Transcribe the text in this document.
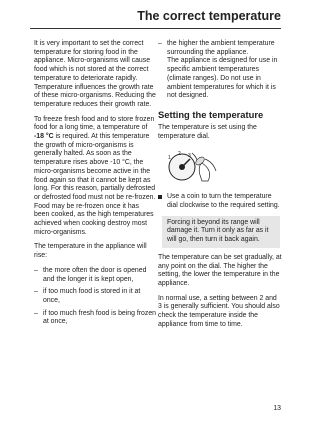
The correct temperature

It is very important to set the correct temperature for storing food in the appliance. Micro-organisms will cause food which is not stored at the correct temperature to deteriorate rapidly. Temperature influences the growth rate of these micro-organisms. Reducing the temperature reduces their growth rate.

To freeze fresh food and to store frozen food for a long time, a temperature of -18 °C is required. At this temperature the growth of micro-organisms is generally halted. As soon as the temperature rises above -10 °C, the micro-organisms become active in the food again so that it cannot be kept as long. For this reason, partially defrosted or defrosted food must not be re-frozen. Food may be re-frozen once it has been cooked, as the high temperatures achieved when cooking destroy most micro-organisms.

The temperature in the appliance will rise:

– the more often the door is opened and the longer it is kept open,
– if too much food is stored in it at once,
– if too much fresh food is being frozen at once,
– the higher the ambient temperature surrounding the appliance.
The appliance is designed for use in specific ambient temperatures (climate ranges). Do not use in ambient temperatures for which it is not designed.
Setting the temperature

The temperature is set using the temperature dial.

1
2 3
Use a coin to turn the temperature dial clockwise to the required setting.
Forcing it beyond its range will damage it. Turn it only as far as it will go, then turn it back again.

The temperature can be set gradually, at any point on the dial. The higher the setting, the lower the temperature in the appliance.

In normal use, a setting between 2 and 3 is generally sufficient. You should also check the temperature inside the appliance from time to time.

13
